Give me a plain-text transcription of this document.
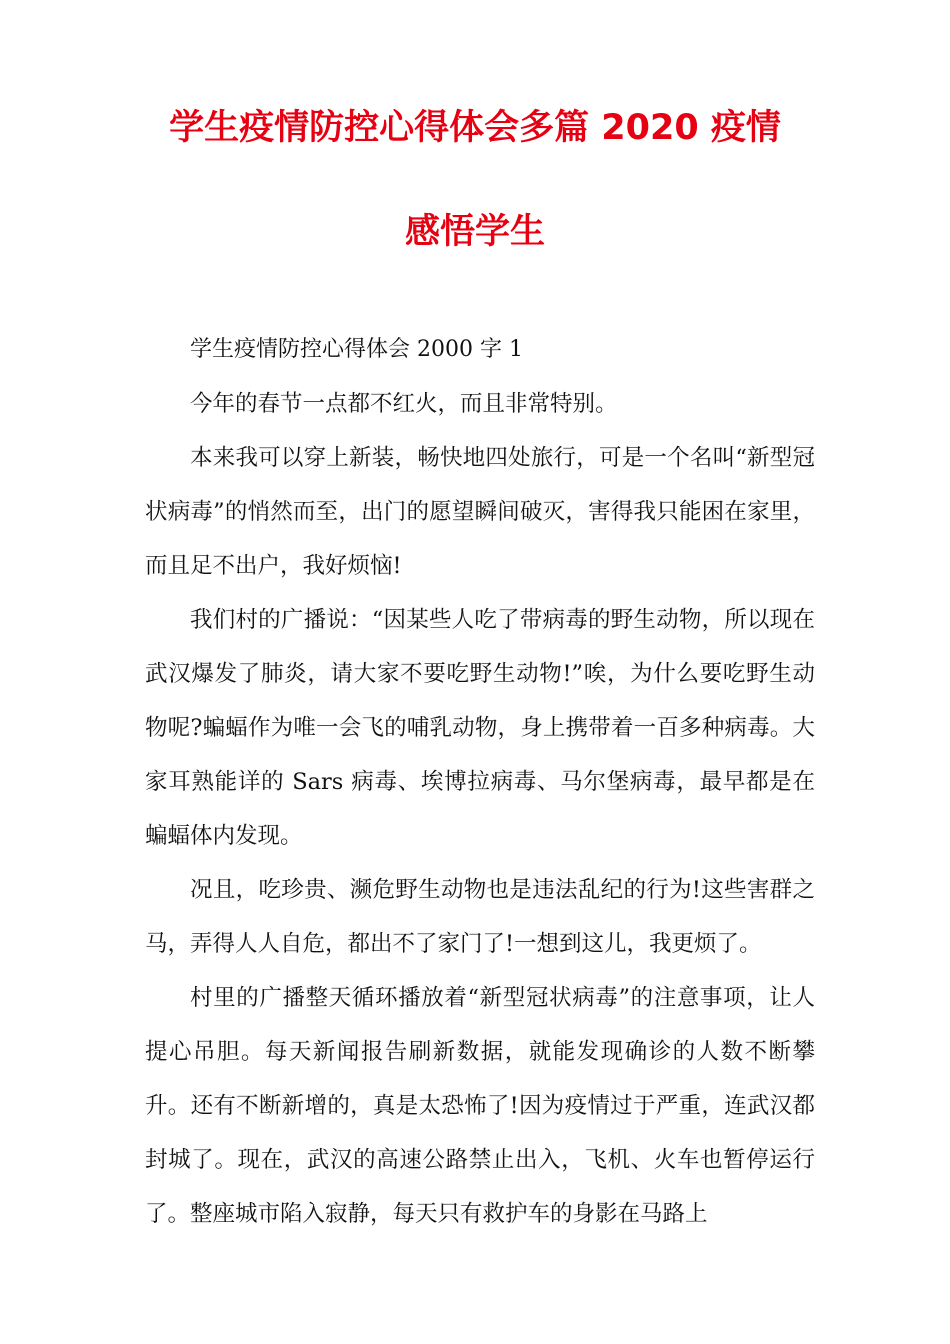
学生疫情防控心得体会多篇 2020 疫情
感悟学生

学生疫情防控心得体会 2000 字 1

今年的春节一点都不红火，而且非常特别。

本来我可以穿上新装，畅快地四处旅行，可是一个名叫“新型冠状病毒”的悄然而至，出门的愿望瞬间破灭，害得我只能困在家里，而且足不出户，我好烦恼!

我们村的广播说：“因某些人吃了带病毒的野生动物，所以现在武汉爆发了肺炎，请大家不要吃野生动物!”唉，为什么要吃野生动物呢?蝙蝠作为唯一会飞的哺乳动物，身上携带着一百多种病毒。大家耳熟能详的 Sars 病毒、埃博拉病毒、马尔堡病毒，最早都是在蝙蝠体内发现。

况且，吃珍贵、濒危野生动物也是违法乱纪的行为!这些害群之马，弄得人人自危，都出不了家门了!一想到这儿，我更烦了。

村里的广播整天循环播放着“新型冠状病毒”的注意事项，让人提心吊胆。每天新闻报告刷新数据，就能发现确诊的人数不断攀升。还有不断新增的，真是太恐怖了!因为疫情过于严重，连武汉都封城了。现在，武汉的高速公路禁止出入，飞机、火车也暂停运行了。整座城市陷入寂静，每天只有救护车的身影在马路上
